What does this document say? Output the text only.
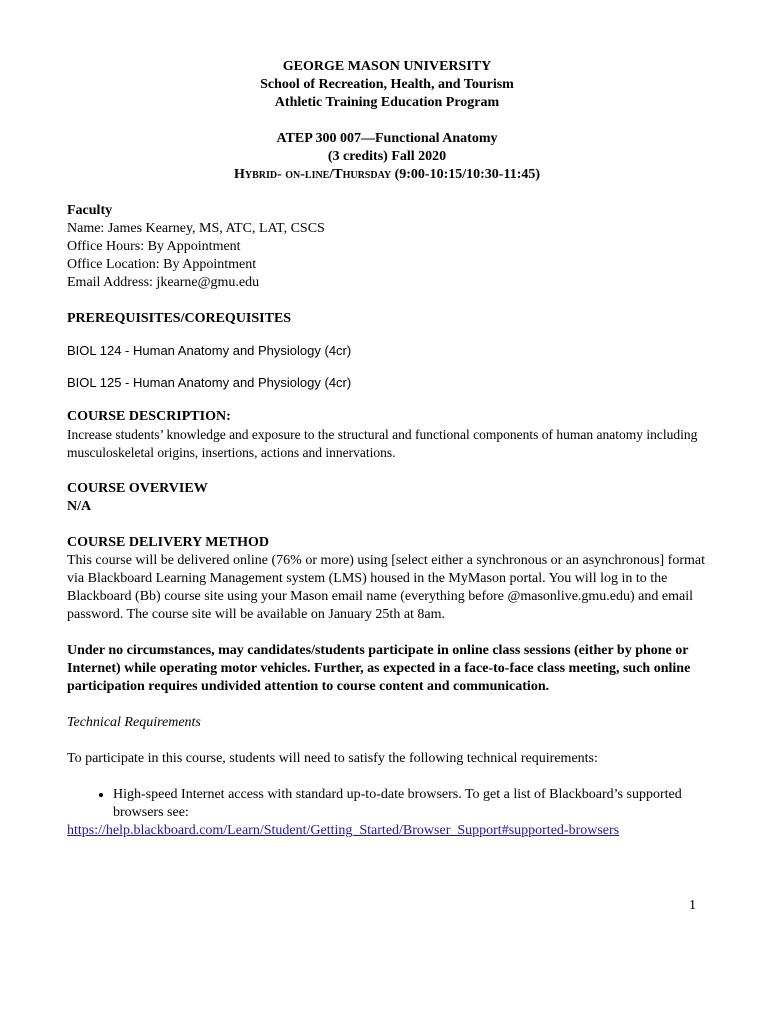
GEORGE MASON UNIVERSITY
School of Recreation, Health, and Tourism
Athletic Training Education Program
ATEP 300 007—Functional Anatomy
(3 credits) Fall 2020
Hybrid- on-line/Thursday (9:00-10:15/10:30-11:45)
Faculty
Name: James Kearney, MS, ATC, LAT, CSCS
Office Hours: By Appointment
Office Location: By Appointment
Email Address: jkearne@gmu.edu
PREREQUISITES/COREQUISITES
BIOL 124 - Human Anatomy and Physiology (4cr)
BIOL 125 - Human Anatomy and Physiology (4cr)
COURSE DESCRIPTION:
Increase students’ knowledge and exposure to the structural and functional components of human anatomy including musculoskeletal origins, insertions, actions and innervations.
COURSE OVERVIEW
N/A
COURSE DELIVERY METHOD
This course will be delivered online (76% or more) using [select either a synchronous or an asynchronous] format via Blackboard Learning Management system (LMS) housed in the MyMason portal. You will log in to the Blackboard (Bb) course site using your Mason email name (everything before @masonlive.gmu.edu) and email password. The course site will be available on January 25th at 8am.
Under no circumstances, may candidates/students participate in online class sessions (either by phone or Internet) while operating motor vehicles. Further, as expected in a face-to-face class meeting, such online participation requires undivided attention to course content and communication.
Technical Requirements
To participate in this course, students will need to satisfy the following technical requirements:
• High-speed Internet access with standard up-to-date browsers. To get a list of Blackboard’s supported browsers see:
https://help.blackboard.com/Learn/Student/Getting_Started/Browser_Support#supported-browsers
1
